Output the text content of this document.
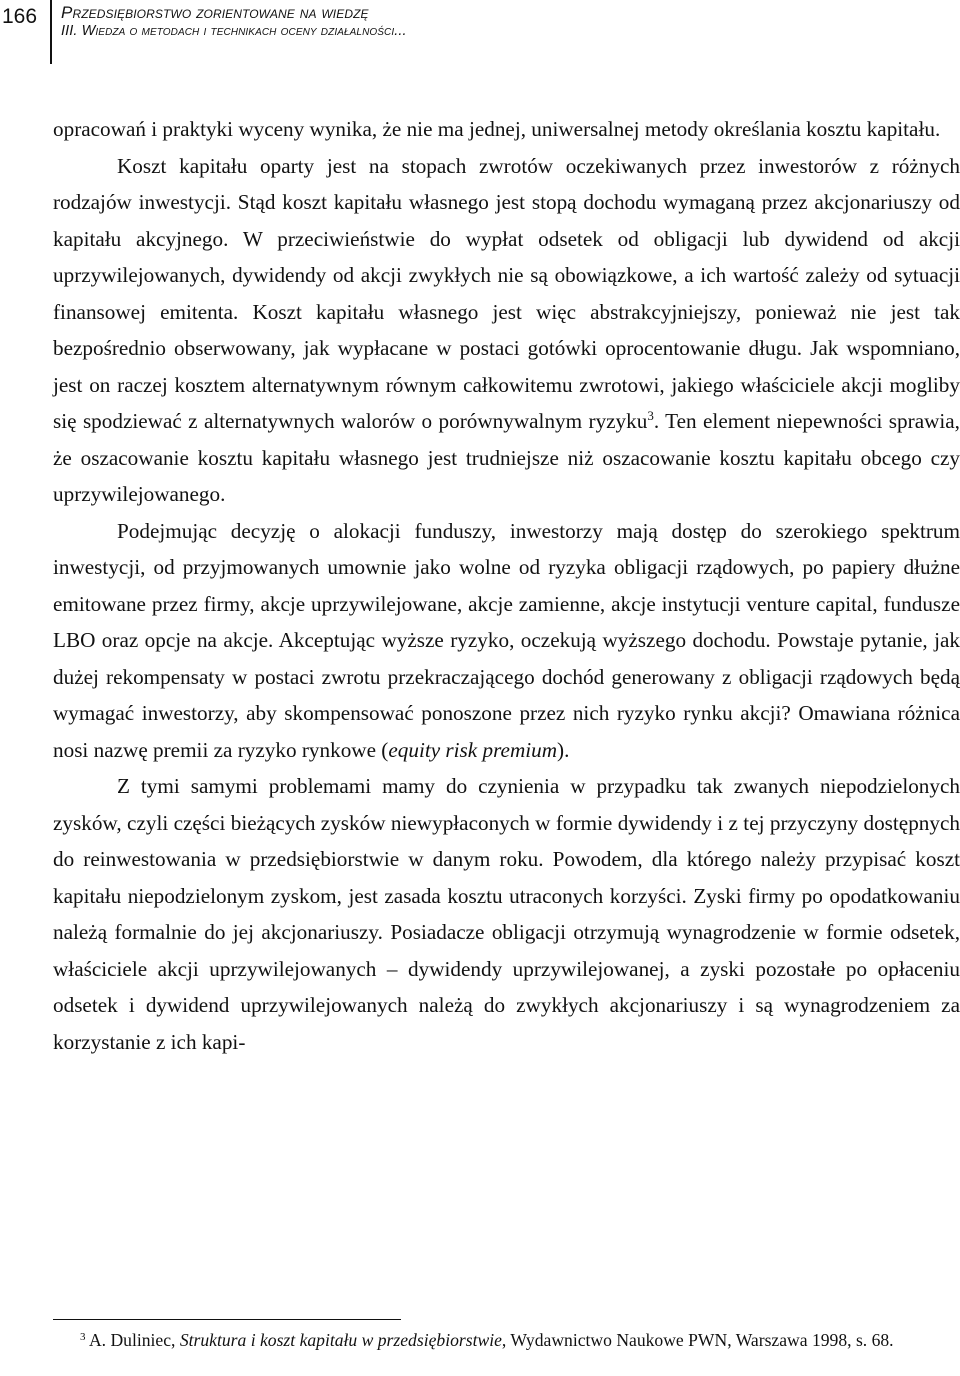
166	Przedsiębiorstwo zorientowane na wiedzę
III. Wiedza o metodach i technikach oceny działalności...

opracowań i praktyki wyceny wynika, że nie ma jednej, uniwersalnej metody określania kosztu kapitału.

Koszt kapitału oparty jest na stopach zwrotów oczekiwanych przez inwestorów z różnych rodzajów inwestycji. Stąd koszt kapitału własnego jest stopą dochodu wymaganą przez akcjonariuszy od kapitału akcyjnego. W przeciwieństwie do wypłat odsetek od obligacji lub dywidend od akcji uprzywilejowanych, dywidendy od akcji zwykłych nie są obowiązkowe, a ich wartość zależy od sytuacji finansowej emitenta. Koszt kapitału własnego jest więc abstrakcyjniejszy, ponieważ nie jest tak bezpośrednio obserwowany, jak wypłacane w postaci gotówki oprocentowanie długu. Jak wspomniano, jest on raczej kosztem alternatywnym równym całkowitemu zwrotowi, jakiego właściciele akcji mogliby się spodziewać z alternatywnych walorów o porównywalnym ryzyku$^3$. Ten element niepewności sprawia, że oszacowanie kosztu kapitału własnego jest trudniejsze niż oszacowanie kosztu kapitału obcego czy uprzywilejowanego.

Podejmując decyzję o alokacji funduszy, inwestorzy mają dostęp do szerokiego spektrum inwestycji, od przyjmowanych umownie jako wolne od ryzyka obligacji rządowych, po papiery dłużne emitowane przez firmy, akcje uprzywilejowane, akcje zamienne, akcje instytucji venture capital, fundusze LBO oraz opcje na akcje. Akceptując wyższe ryzyko, oczekują wyższego dochodu. Powstaje pytanie, jak dużej rekompensaty w postaci zwrotu przekraczającego dochód generowany z obligacji rządowych będą wymagać inwestorzy, aby skompensować ponoszone przez nich ryzyko rynku akcji? Omawiana różnica nosi nazwę premii za ryzyko rynkowe (equity risk premium).

Z tymi samymi problemami mamy do czynienia w przypadku tak zwanych niepodzielonych zysków, czyli części bieżących zysków niewypłaconych w formie dywidendy i z tej przyczyny dostępnych do reinwestowania w przedsiębiorstwie w danym roku. Powodem, dla którego należy przypisać koszt kapitału niepodzielonym zyskom, jest zasada kosztu utraconych korzyści. Zyski firmy po opodatkowaniu należą formalnie do jej akcjonariuszy. Posiadacze obligacji otrzymują wynagrodzenie w formie odsetek, właściciele akcji uprzywilejowanych – dywidendy uprzywilejowanej, a zyski pozostałe po opłaceniu odsetek i dywidend uprzywilejowanych należą do zwykłych akcjonariuszy i są wynagrodzeniem za korzystanie z ich kapi-

$^3$ A. Duliniec, Struktura i koszt kapitału w przedsiębiorstwie, Wydawnictwo Naukowe PWN, Warszawa 1998, s. 68.
